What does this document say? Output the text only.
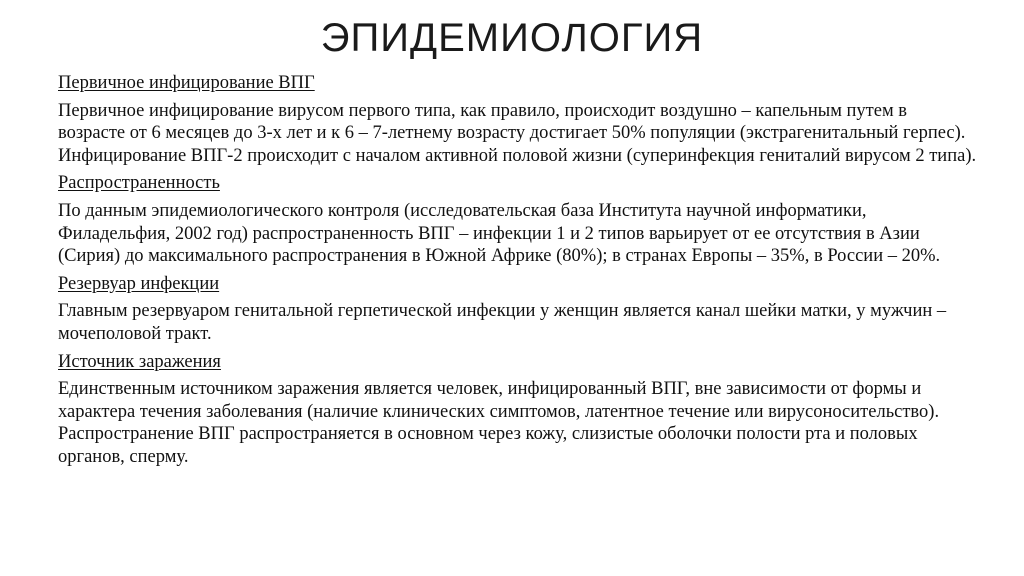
ЭПИДЕМИОЛОГИЯ
Первичное инфицирование ВПГ
Первичное инфицирование вирусом первого типа, как правило, происходит воздушно – капельным путем в возрасте от 6 месяцев до 3-х лет и к 6 – 7-летнему возрасту достигает 50% популяции (экстрагенитальный герпес). Инфицирование ВПГ-2 происходит с началом активной половой жизни (суперинфекция гениталий вирусом 2 типа).
Распространенность
По данным эпидемиологического контроля (исследовательская база Института научной информатики, Филадельфия, 2002 год) распространенность ВПГ – инфекции 1 и 2 типов варьирует от ее отсутствия в Азии (Сирия) до максимального распространения в Южной Африке (80%); в странах Европы – 35%, в России – 20%.
Резервуар инфекции
Главным резервуаром генитальной герпетической инфекции у женщин является канал шейки матки, у мужчин – мочеполовой тракт.
Источник заражения
Единственным источником заражения является человек, инфицированный ВПГ, вне зависимости от формы и характера течения заболевания (наличие клинических симптомов, латентное течение или вирусоносительство). Распространение ВПГ распространяется в основном через кожу, слизистые оболочки полости рта и половых органов, сперму.
